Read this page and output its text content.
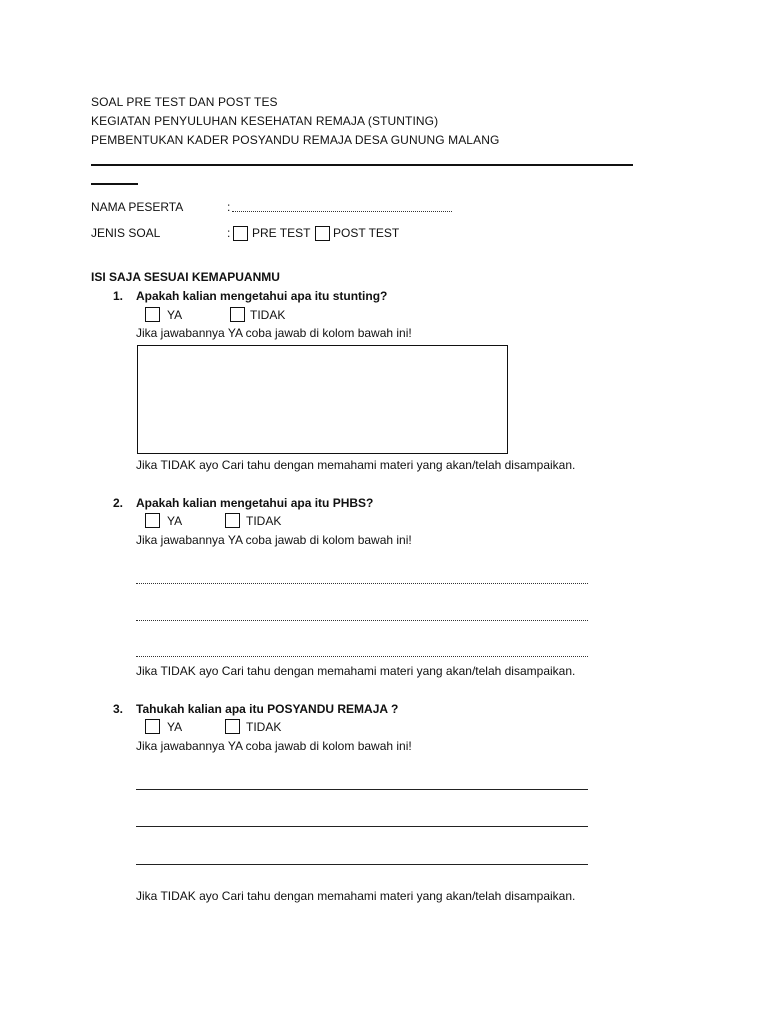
SOAL PRE TEST DAN POST TES
KEGIATAN PENYULUHAN KESEHATAN REMAJA (STUNTING)
PEMBENTUKAN KADER POSYANDU REMAJA DESA GUNUNG MALANG
NAMA PESERTA	:
JENIS SOAL	: PRE TEST POST TEST
ISI SAJA SESUAI KEMAPUANMU
1. Apakah kalian mengetahui apa itu stunting?
YA	TIDAK
Jika jawabannya YA coba jawab di kolom bawah ini!
Jika TIDAK ayo Cari tahu dengan memahami materi yang akan/telah disampaikan.
2. Apakah kalian mengetahui apa itu PHBS?
YA	TIDAK
Jika jawabannya YA coba jawab di kolom bawah ini!
Jika TIDAK ayo Cari tahu dengan memahami materi yang akan/telah disampaikan.
3. Tahukah kalian apa itu POSYANDU REMAJA ?
YA	TIDAK
Jika jawabannya YA coba jawab di kolom bawah ini!
Jika TIDAK ayo Cari tahu dengan memahami materi yang akan/telah disampaikan.
